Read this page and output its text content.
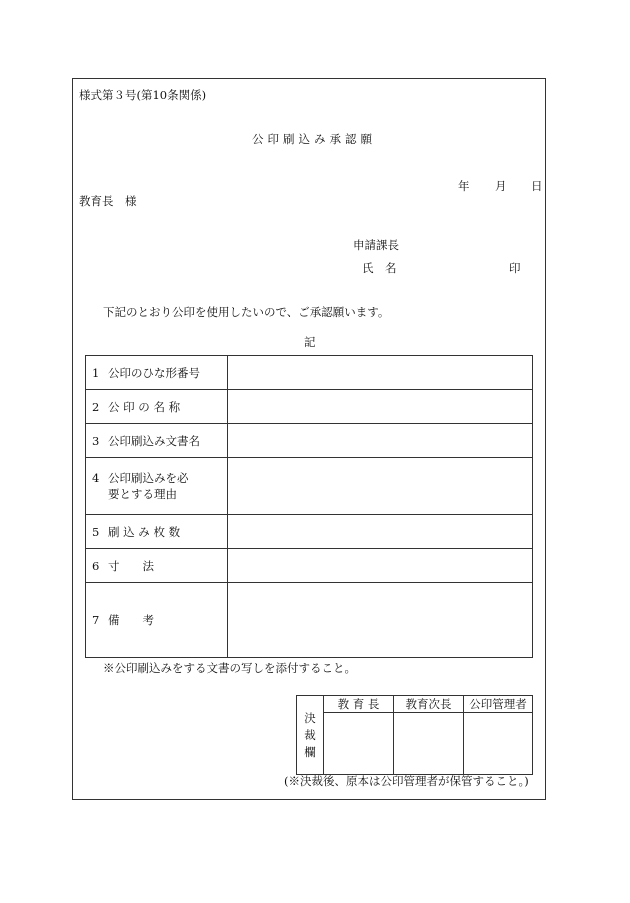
様式第３号(第10条関係)
公印刷込み承認願
年 月 日
教育長　様
申請課長
氏　名	印
下記のとおり公印を使用したいので、ご承認願います。
記
1 公印のひな形番号	
2 公 印 の 名 称	
3 公印刷込み文書名	
4 公印刷込みを必
要とする理由	

5 刷 込 み 枚 数	
6 寸　　法	
7 備　　考	
※公印刷込みをする文書の写しを添付すること。
決
裁
欄	教 育 長	教育次長	公印管理者

(※決裁後、原本は公印管理者が保管すること。)
